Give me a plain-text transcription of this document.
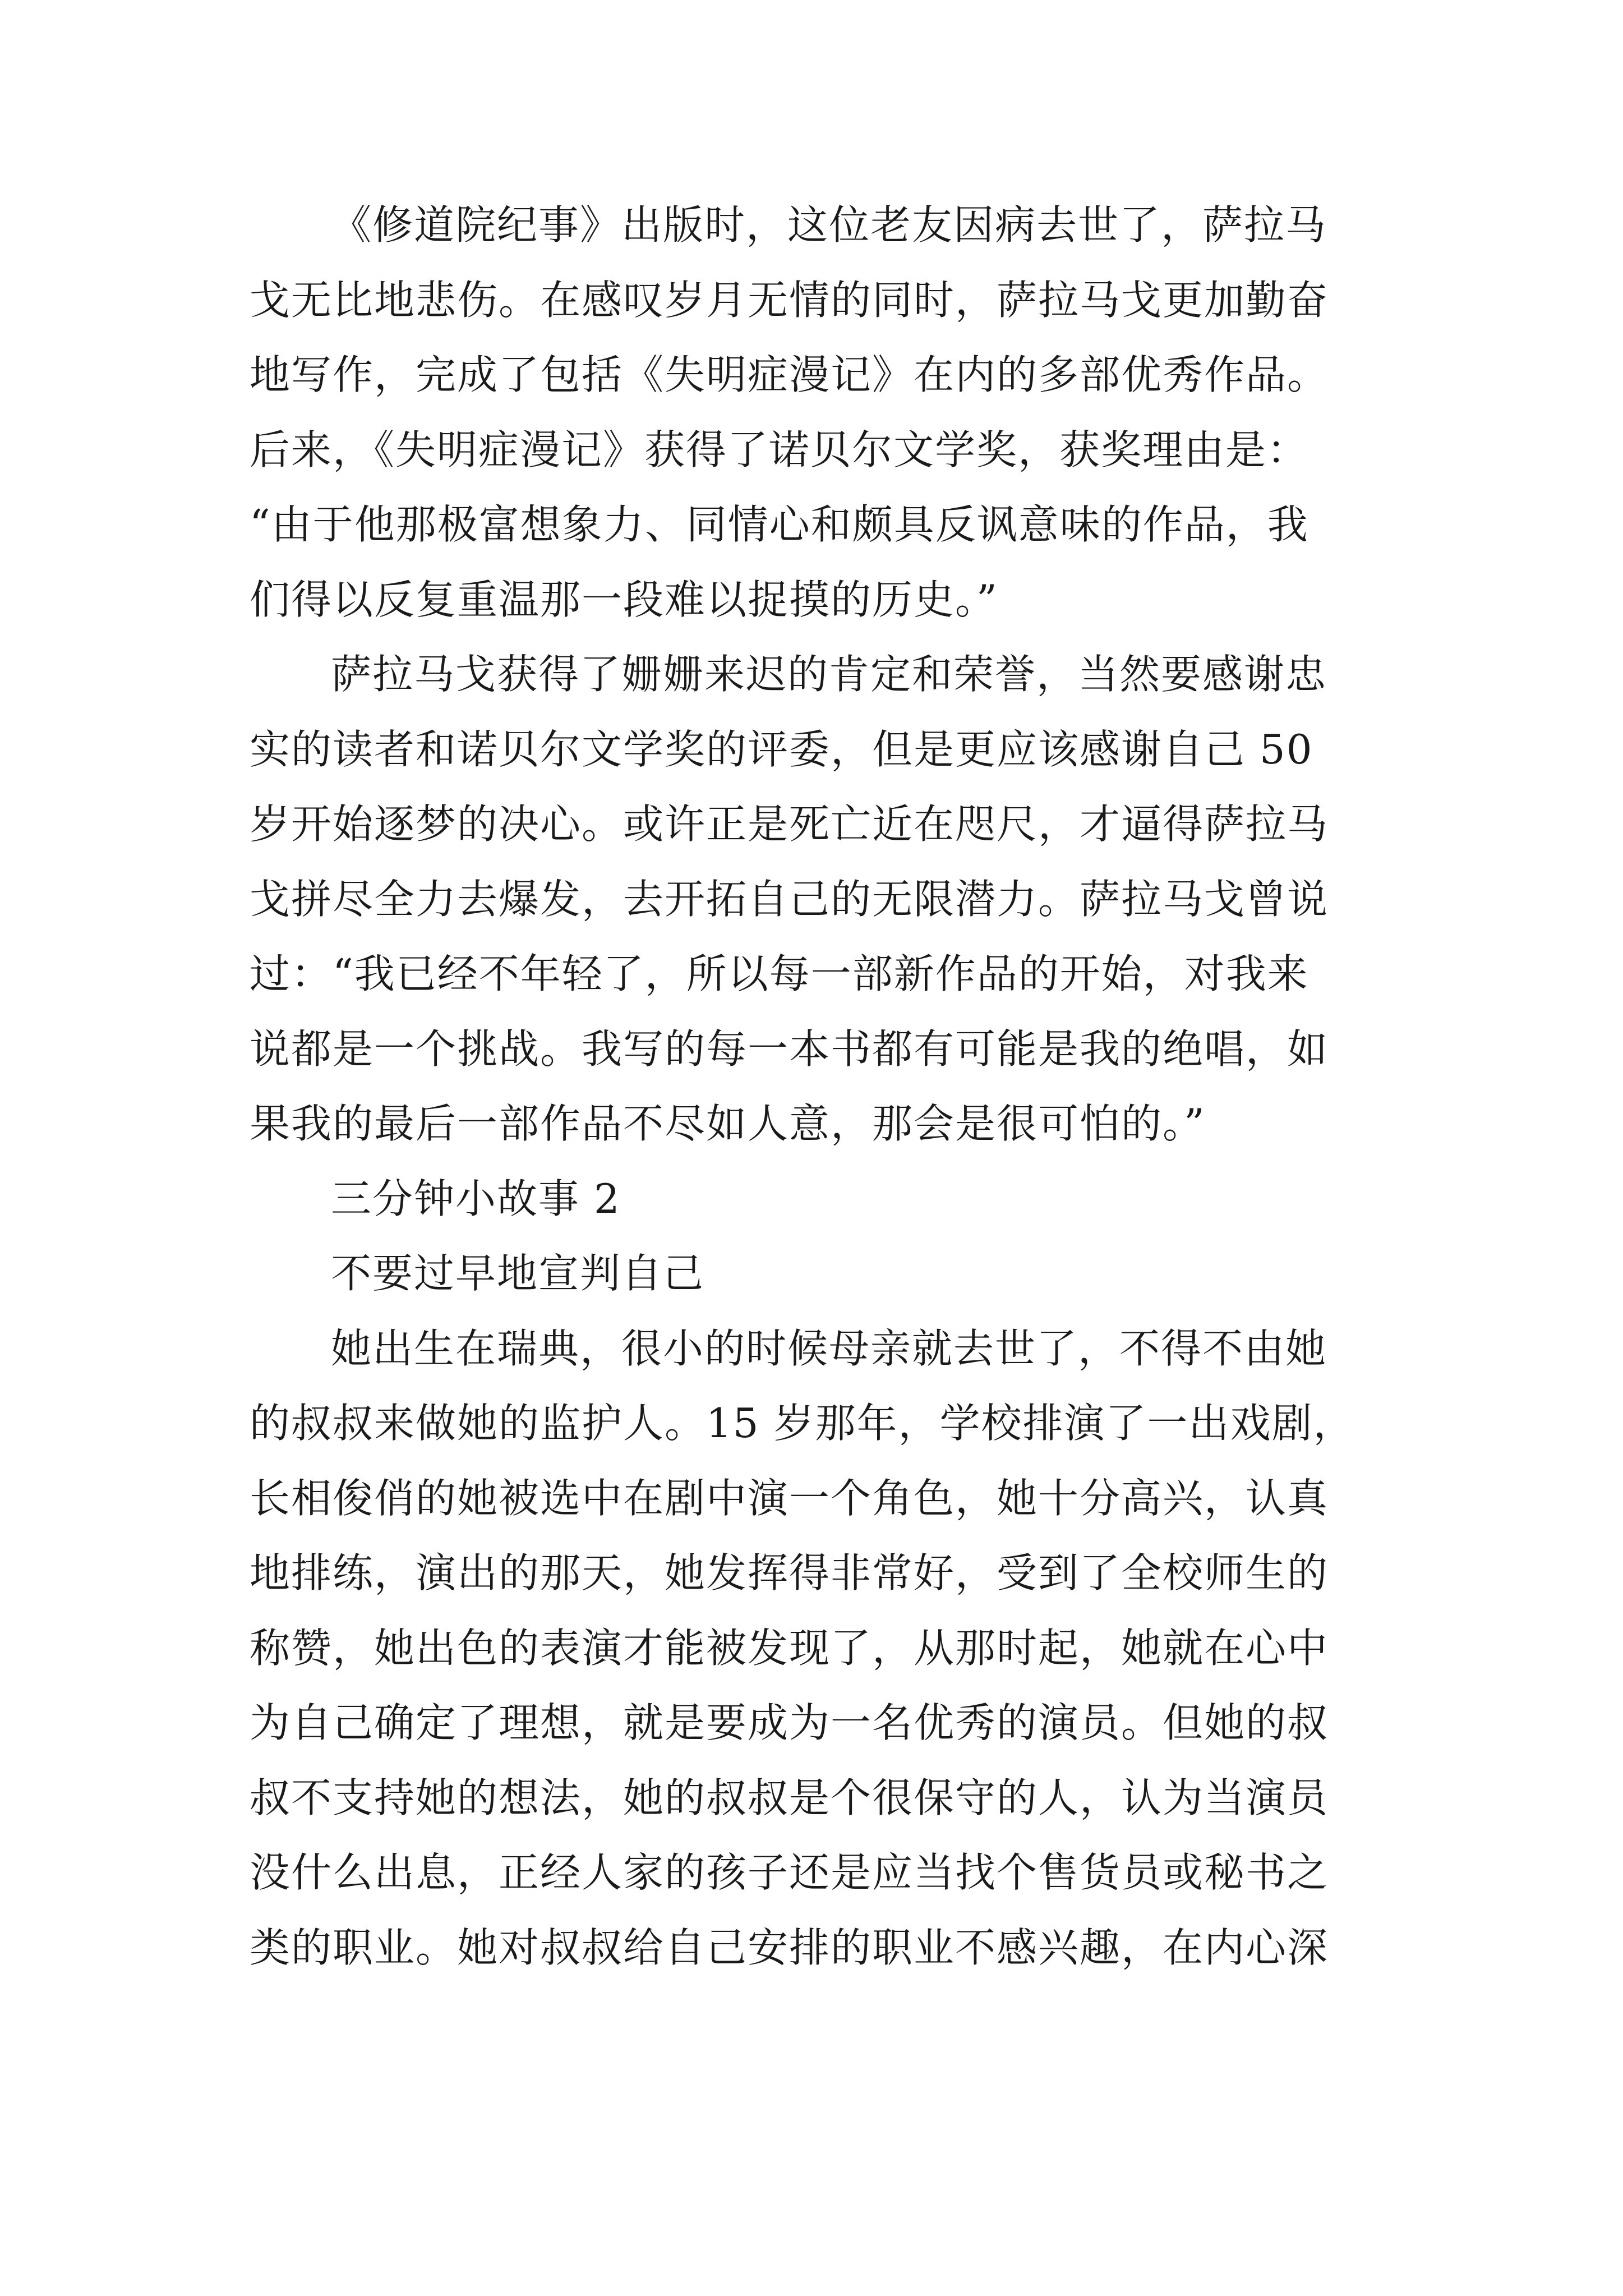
《修道院纪事》出版时，这位老友因病去世了，萨拉马
戈无比地悲伤。在感叹岁月无情的同时，萨拉马戈更加勤奋
地写作，完成了包括《失明症漫记》在内的多部优秀作品。
后来，《失明症漫记》获得了诺贝尔文学奖，获奖理由是：
“由于他那极富想象力、同情心和颇具反讽意味的作品，我
们得以反复重温那一段难以捉摸的历史。”
萨拉马戈获得了姗姗来迟的肯定和荣誉，当然要感谢忠
实的读者和诺贝尔文学奖的评委，但是更应该感谢自己 50
岁开始逐梦的决心。或许正是死亡近在咫尺，才逼得萨拉马
戈拼尽全力去爆发，去开拓自己的无限潜力。萨拉马戈曾说
过：“我已经不年轻了，所以每一部新作品的开始，对我来
说都是一个挑战。我写的每一本书都有可能是我的绝唱，如
果我的最后一部作品不尽如人意，那会是很可怕的。”
三分钟小故事 2
不要过早地宣判自己
她出生在瑞典，很小的时候母亲就去世了，不得不由她
的叔叔来做她的监护人。15 岁那年，学校排演了一出戏剧，
长相俊俏的她被选中在剧中演一个角色，她十分高兴，认真
地排练，演出的那天，她发挥得非常好，受到了全校师生的
称赞，她出色的表演才能被发现了，从那时起，她就在心中
为自己确定了理想，就是要成为一名优秀的演员。但她的叔
叔不支持她的想法，她的叔叔是个很保守的人，认为当演员
没什么出息，正经人家的孩子还是应当找个售货员或秘书之
类的职业。她对叔叔给自己安排的职业不感兴趣，在内心深
